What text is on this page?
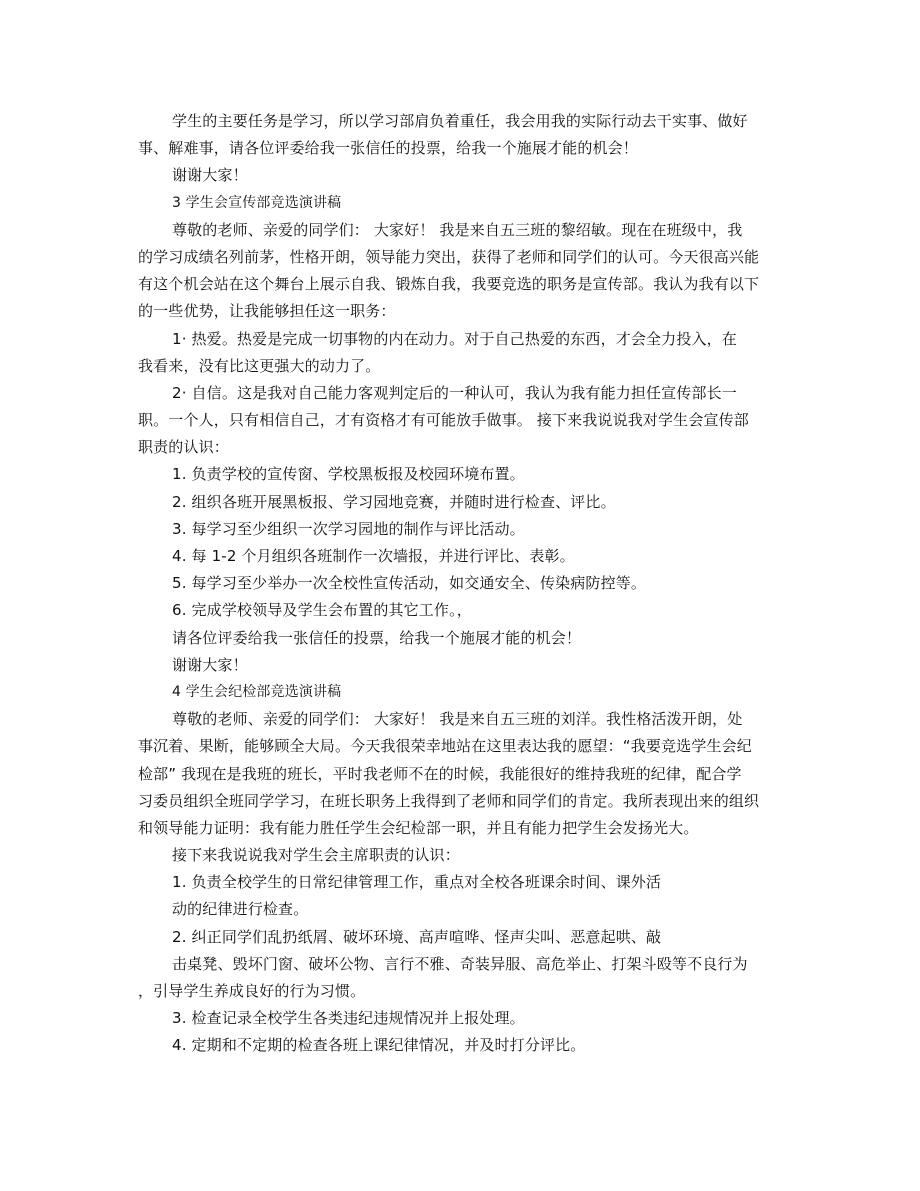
学生的主要任务是学习，所以学习部肩负着重任，我会用我的实际行动去干实事、做好
事、解难事，请各位评委给我一张信任的投票，给我一个施展才能的机会！
谢谢大家！
3 学生会宣传部竞选演讲稿
尊敬的老师、亲爱的同学们： 大家好！ 我是来自五三班的黎绍敏。现在在班级中，我
的学习成绩名列前茅，性格开朗，领导能力突出，获得了老师和同学们的认可。今天很高兴能
有这个机会站在这个舞台上展示自我、锻炼自我，我要竞选的职务是宣传部。我认为我有以下
的一些优势，让我能够担任这一职务：
1· 热爱。热爱是完成一切事物的内在动力。对于自己热爱的东西，才会全力投入，在
我看来，没有比这更强大的动力了。
2· 自信。这是我对自己能力客观判定后的一种认可，我认为我有能力担任宣传部长一
职。一个人，只有相信自己，才有资格才有可能放手做事。 接下来我说说我对学生会宣传部
职责的认识：
1. 负责学校的宣传窗、学校黑板报及校园环境布置。
2. 组织各班开展黑板报、学习园地竞赛，并随时进行检查、评比。
3. 每学习至少组织一次学习园地的制作与评比活动。
4. 每 1-2 个月组织各班制作一次墙报，并进行评比、表彰。
5. 每学习至少举办一次全校性宣传活动，如交通安全、传染病防控等。
6. 完成学校领导及学生会布置的其它工作。，
请各位评委给我一张信任的投票，给我一个施展才能的机会！
谢谢大家！
4 学生会纪检部竞选演讲稿
尊敬的老师、亲爱的同学们： 大家好！ 我是来自五三班的刘洋。我性格活泼开朗，处
事沉着、果断，能够顾全大局。今天我很荣幸地站在这里表达我的愿望：“我要竞选学生会纪
检部” 我现在是我班的班长，平时我老师不在的时候，我能很好的维持我班的纪律，配合学
习委员组织全班同学学习，在班长职务上我得到了老师和同学们的肯定。我所表现出来的组织
和领导能力证明：我有能力胜任学生会纪检部一职，并且有能力把学生会发扬光大。
接下来我说说我对学生会主席职责的认识：
1. 负责全校学生的日常纪律管理工作，重点对全校各班课余时间、课外活
动的纪律进行检查。
2. 纠正同学们乱扔纸屑、破坏环境、高声喧哗、怪声尖叫、恶意起哄、敲
击桌凳、毁坏门窗、破坏公物、言行不雅、奇装异服、高危举止、打架斗殴等不良行为
，引导学生养成良好的行为习惯。
3. 检查记录全校学生各类违纪违规情况并上报处理。
4. 定期和不定期的检查各班上课纪律情况，并及时打分评比。
